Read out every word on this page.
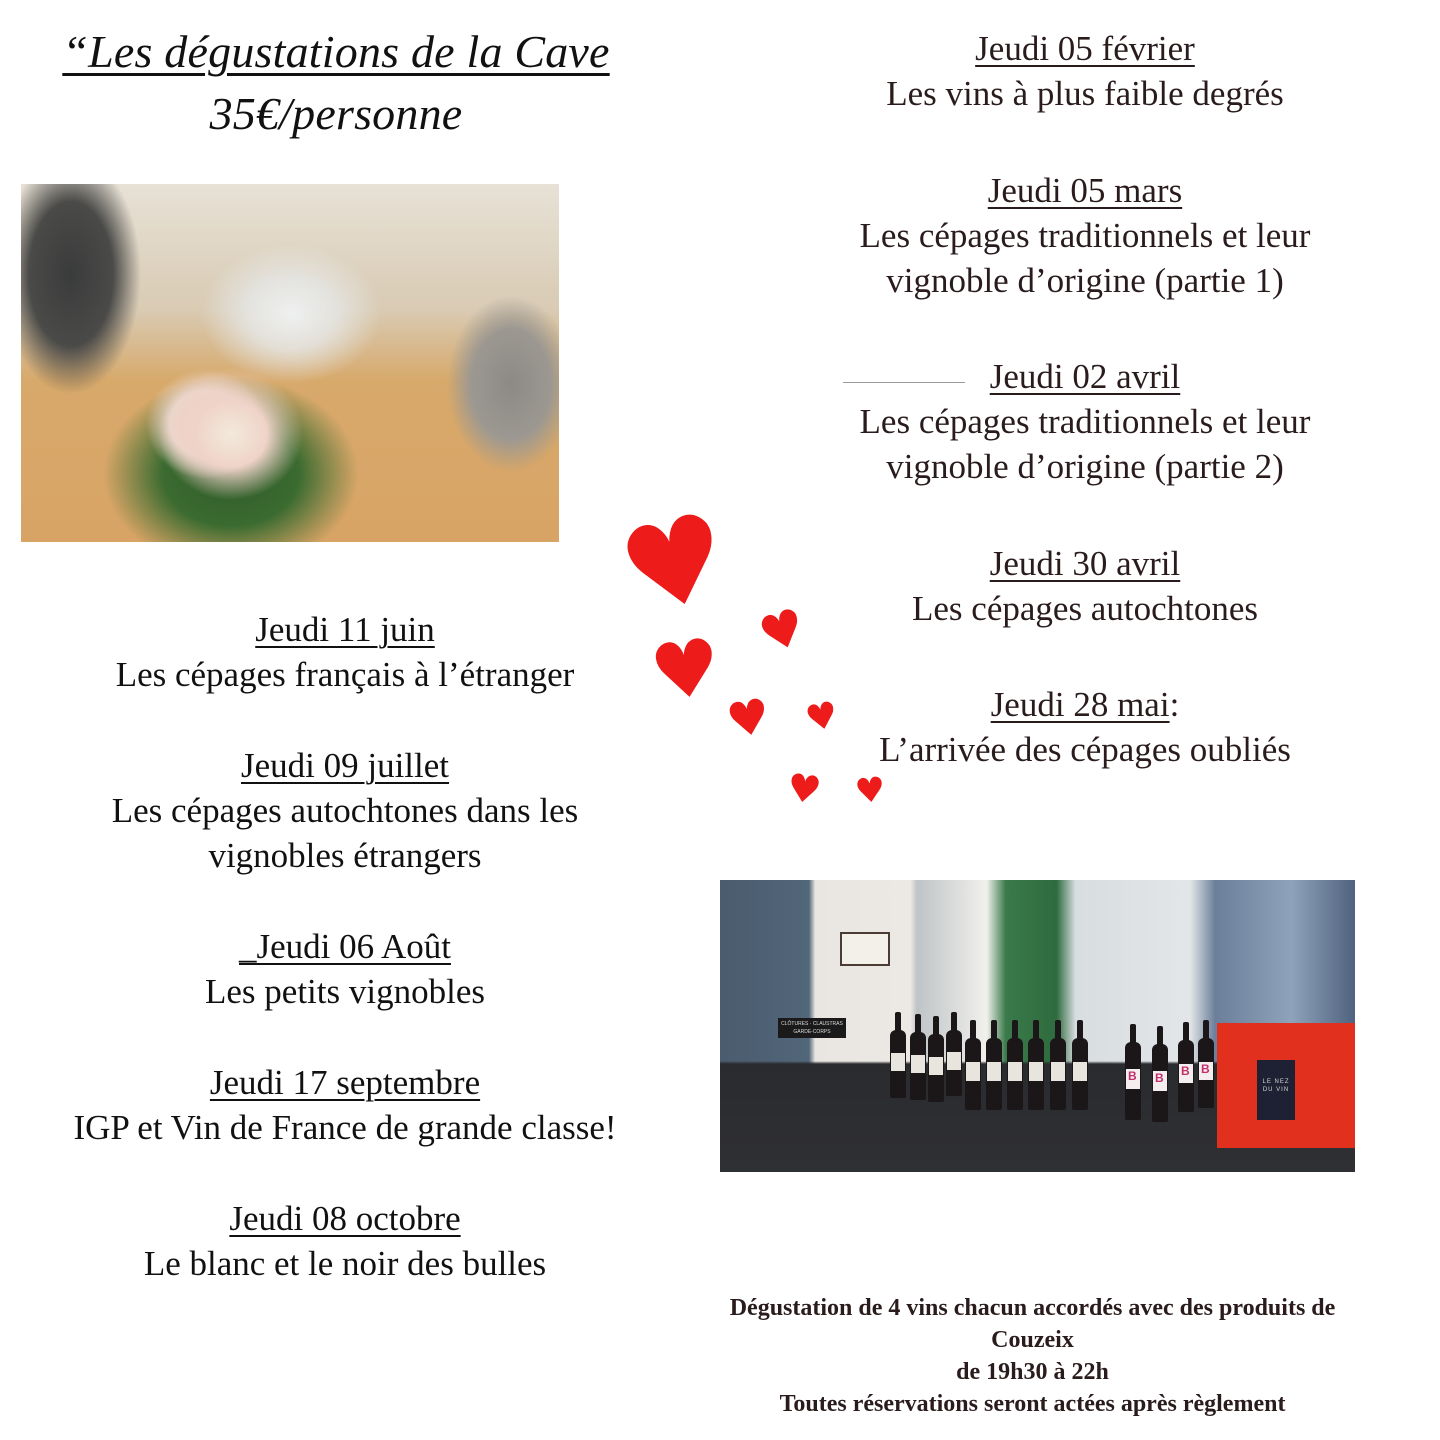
“Les dégustations de la Cave
35€/personne
Jeudi 05 février
Les vins à plus faible degrés
Jeudi 05 mars
Les cépages traditionnels et leur
vignoble d’origine (partie 1)
Jeudi 02 avril
Les cépages traditionnels et leur
vignoble d’origine (partie 2)
Jeudi 30 avril
Les cépages autochtones
Jeudi 28 mai:
L’arrivée des cépages oubliés
Jeudi 11 juin
Les cépages français à l’étranger
Jeudi 09 juillet
Les cépages autochtones dans les
vignobles étrangers
_Jeudi 06 Août
Les petits vignobles
Jeudi 17 septembre
IGP et Vin de France de grande classe!
Jeudi 08 octobre
Le blanc et le noir des bulles
♥ ♥
♥
♥ ♥
♥ ♥
CLÔTURES · CLAUSTRAS GARDE-CORPS
B
B
B
B
LE NEZ DU VIN
Dégustation de 4 vins chacun accordés avec des produits de
Couzeix
de 19h30 à 22h
Toutes réservations seront actées après règlement
